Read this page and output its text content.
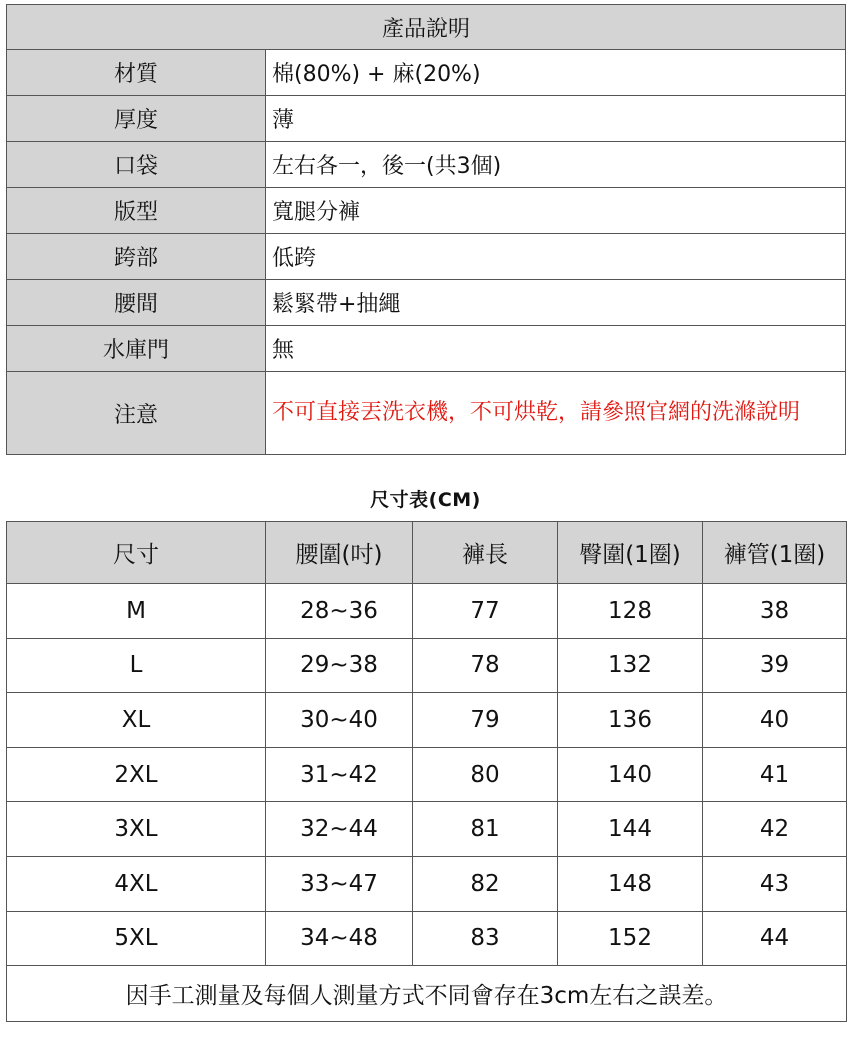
產品說明	
材質	棉(80%) + 麻(20%)
厚度	薄
口袋	左右各一，後一(共3個)
版型	寬腿分褲
跨部	低跨
腰間	鬆緊帶+抽繩
水庫門	無
注意	不可直接丟洗衣機，不可烘乾，請參照官網的洗滌說明
尺寸表(CM)
尺寸	腰圍(吋)	褲長	臀圍(1圈)	褲管(1圈)
M	28~36	77	128	38
L	29~38	78	132	39
XL	30~40	79	136	40
2XL	31~42	80	140	41
3XL	32~44	81	144	42
4XL	33~47	82	148	43
5XL	34~48	83	152	44
因手工測量及每個人測量方式不同會存在3cm左右之誤差。				
